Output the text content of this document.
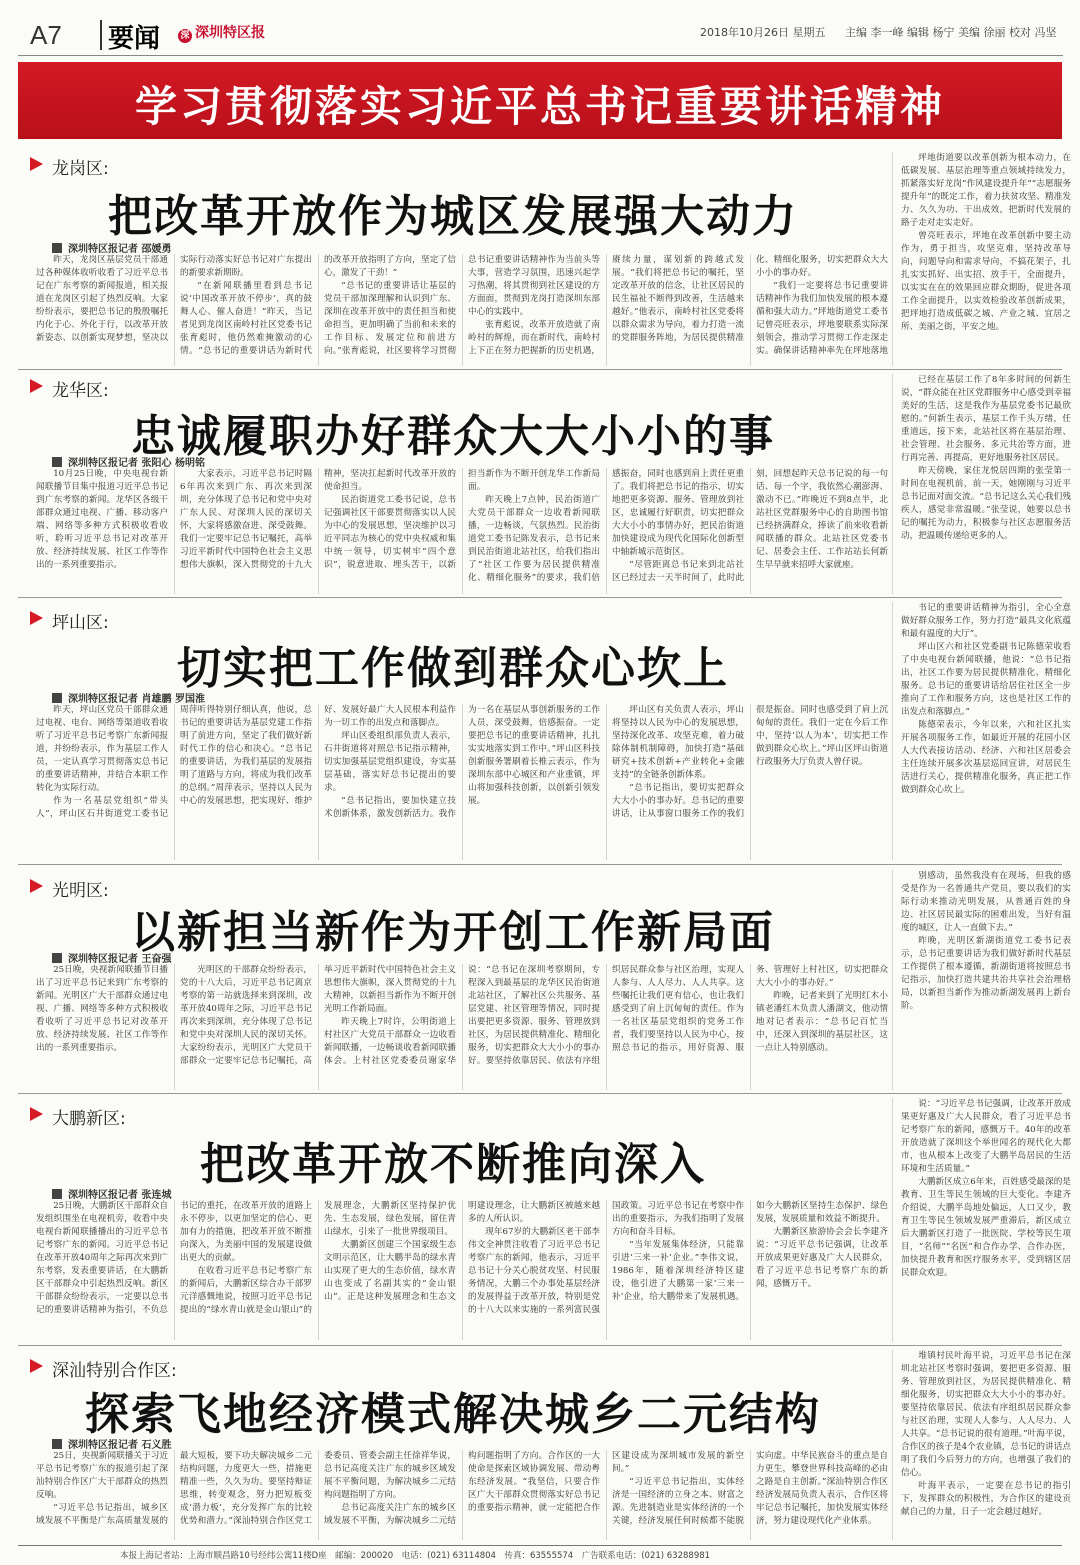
A7 要闻 深 深圳特区报	2018年10月26日 星期五 主编 李一峰 编辑 杨宁 美编 徐丽 校对 冯坚
学习贯彻落实习近平总书记重要讲话精神
龙岗区:
把改革开放作为城区发展强大动力
深圳特区报记者 邵媛勇

昨天，龙岗区基层党员干部通过各种媒体收听收看了习近平总书记在广东考察的新闻报道，相关报道在龙岗区引起了热烈反响。大家纷纷表示，要把总书记的殷殷嘱托内化于心、外化于行，以改革开放新姿态、以创新实现梦想，坚决以实际行动落实好总书记对广东提出的新要求新期盼。

“在新闻联播里看到总书记说‘中国改革开放不停步’，真的鼓舞人心、催人奋进！”昨天，当记者见到龙岗区南岭村社区党委书记张育彪时，他仍然难掩激动的心情。“总书记的重要讲话为新时代的改革开放指明了方向，坚定了信心，激发了干劲！”

“总书记的重要讲话让基层的党员干部加深理解和认识到广东、深圳在改革开放中的责任担当和使命担当，更加明确了当前和未来的工作目标、发展定位和前进方向。”张育彪说，社区要将学习贯彻总书记重要讲话精神作为当前头等大事，营造学习氛围，迅速兴起学习热潮，将其贯彻到社区建设的方方面面，贯彻到龙岗打造深圳东部中心的实践中。

张育彪说，改革开放造就了南岭村的辉煌，而在新时代，南岭村上下正在努力把握新的历史机遇，赓续力量，谋划新的跨越式发展。“我们将把总书记的嘱托，坚定改革开放的信念，让社区居民的民生福祉不断得到改善，生活越来越好。”他表示，南岭村社区党委将以群众需求为导向，着力打造一流的党群服务阵地，为居民提供精准化、精细化服务，切实把群众大大小小的事办好。

“我们一定要将总书记重要讲话精神作为我们加快发展的根本遵循和强大动力。”坪地街道党工委书记曾亮旺表示，坪地要联系实际深刻领会，推动学习贯彻工作走深走实。确保讲话精神率先在坪地落地

坪地街道要以改革创新为根本动力，在低碳发展、基层治理等重点领域持续发力，抓紧落实好龙岗“作风建设提升年”“志愿服务提升年”的既定工作，着力扶贫攻坚、精准发力、久久为功、干出成效，把新时代发展的路子走对走实走好。

曾亮旺表示，坪地在改革创新中要主动作为，勇于担当，攻坚克难，坚持改革导向，问题导向和需求导向，不搞花架子，扎扎实实抓好、出实招、放手干，全面提升，以实实在在的效果回应群众期盼，促进各项工作全面提升，以实效检验改革创新成果，把坪地打造成低碳之城、产业之城、宜居之所、美丽之街，平安之地。

龙华区:
忠诚履职办好群众大大小小的事
深圳特区报记者 张阳心 杨明铭

10月25日晚，中央电视台新闻联播节目集中报道习近平总书记到广东考察的新闻。龙华区各级干部群众通过电视、广播、移动客户端、网络等多种方式积极收看收听，聆听习近平总书记对改革开放、经济持续发展、社区工作等作出的一系列重要指示。

大家表示，习近平总书记时隔6年再次来到广东、再次来到深圳，充分体现了总书记和党中央对广东人民、对深圳人民的深切关怀，大家将感激奋进、深受鼓舞。我们一定要牢记总书记嘱托，高举习近平新时代中国特色社会主义思想伟大旗帜，深入贯彻党的十九大精神，坚决扛起新时代改革开放的使命担当。

民治街道党工委书记说，总书记强调社区干部要贯彻落实以人民为中心的发展思想，坚决维护以习近平同志为核心的党中央权威和集中统一领导，切实树牢“四个意识”，锐意进取、埋头苦干，以新担当新作为不断开创龙华工作新局面。

昨天晚上7点钟，民治街道广大党员干部群众一边收看新闻联播，一边畅谈，气氛热烈。民治街道党工委书记陈发表示，总书记来到民治街道北站社区，给我们指出了“社区工作要为居民提供精准化、精细化服务”的要求，我们倍感振奋，同时也感到肩上责任更重了。我们将把总书记的指示，切实地把更多资源、服务、管理放到社区，忠诚履行好职责，切实把群众大大小小的事情办好，把民治街道加快建设成为现代化国际化创新型中轴新城示范街区。

“尽管距离总书记来到北站社区已经过去一天半时间了，此时此刻，回想起昨天总书记说的每一句话、每一个字，我依然心潮澎湃、激动不已。”昨晚近不到8点半，北站社区党群服务中心的自助图书馆已经挤满群众，捧读了前来收看新闻联播的群众。北站社区党委书记、居委会主任、工作站站长何新生早早就来招呼大家就座。

已经在基层工作了8年多时间的何新生说，“群众能在社区党群服务中心感受到幸福美好的生活，这是我作为基层党委书记最欣慰的。”何新生表示，基层工作千头万绪，任重道远，接下来，北站社区将在基层治理、社会管理、社会服务、多元共治等方面，进行再完善、再提高，更好地服务社区居民。

昨天傍晚，家住龙悦居四期的张莹第一时间在电视机前，前一天，她刚刚与习近平总书记面对面交流。“总书记这么关心我们残疾人，感觉非常温暖。”张莹说，她要以总书记的嘱托为动力，积极参与社区志愿服务活动，把温暖传递给更多的人。

坪山区:
切实把工作做到群众心坎上
深圳特区报记者 肖雄鹏 罗国淮

昨天，坪山区党员干部群众通过电视、电台、网络等渠道收看收听了习近平总书记考察广东新闻报道，并纷纷表示，作为基层工作人员，一定认真学习贯彻落实总书记的重要讲话精神，并结合本职工作转化为实际行动。

作为一名基层党组织“带头人”，坪山区石井街道党工委书记周萍听得特别仔细认真，他说，总书记的重要讲话为基层党建工作指明了前进方向，坚定了我们做好新时代工作的信心和决心。“总书记的重要讲话，为我们基层的发展指明了道路与方向，将成为我们改革的总纲。”周萍表示，坚持以人民为中心的发展思想，把实现好、维护好、发展好最广大人民根本利益作为一切工作的出发点和落脚点。

坪山区委组织部负责人表示，石井街道将对照总书记指示精神，切实加强基层党组织建设，夯实基层基础，落实好总书记提出的要求。

“总书记指出，要加快建立技术创新体系，激发创新活力。我作为一名在基层从事创新服务的工作人员，深受鼓舞，倍感振奋。一定要把总书记的重要讲话精神，扎扎实实地落实到工作中。”坪山区科技创新服务署刷着长椎云表示，作为深圳东部中心城区和产业重镇，坪山将加强科技创新，以创新引领发展。

坪山区有关负责人表示，坪山将坚持以人民为中心的发展思想，坚持深化改革、攻坚克难，着力破除体制机制障碍，加快打造“基础研究+技术创新+产业转化+金融支持”的全链条创新体系。

“总书记指出，要切实把群众大大小小的事办好。总书记的重要讲话，让从事窗口服务工作的我们很是振奋。同时也感受到了肩上沉甸甸的责任。我们一定在今后工作中，坚持‘以人为本’，切实把工作做到群众心坎上。”坪山区坪山街道行政服务大厅负责人曾仔说。

书记的重要讲话精神为指引，全心全意做好群众服务工作，努力打造“最具文化底蕴和最有温度的大厅”。

坪山区六和社区党委副书记陈德荣收看了中央电视台新闻联播，他说：“总书记指出，社区工作要为居民提供精准化、精细化服务。总书记的重要讲话给居住社区全一步推向了工作和服务方向，这也是社区工作的出发点和落脚点。”

陈德荣表示，今年以来，六和社区扎实开展各项服务工作，如最近开展的花园小区人大代表接访活动、经济、六和社区居委会主任连续开展多次基层巡回宣讲，对居民生活进行关心，提供精准化服务，真正把工作做到群众心坎上。

光明区:
以新担当新作为开创工作新局面
深圳特区报记者 王奋强

25日晚，央视新闻联播节目播出了习近平总书记来到广东考察的新闻。光明区广大干部群众通过电视、广播、网络等多种方式积极收看收听了习近平总书记对改革开放、经济持续发展、社区工作等作出的一系列重要指示。

光明区的干部群众纷纷表示，党的十八大后，习近平总书记离京考察的第一站就选择来到深圳，改革开放40周年之际，习近平总书记再次来到深圳，充分体现了总书记和党中央对深圳人民的深切关怀。大家纷纷表示，光明区广大党员干部群众一定要牢记总书记嘱托，高举习近平新时代中国特色社会主义思想伟大旗帜，深入贯彻党的十九大精神，以新担当新作为不断开创光明工作新局面。

昨天晚上7时许，公明街道上村社区广大党员干部群众一边收看新闻联播，一边畅谈收看新闻联播体会。上村社区党委委员谢家华说：“总书记在深圳考察期间，专程深入到最基层的龙华区民治街道北站社区，了解社区公共服务、基层党建、社区管理等情况，同时提出要把更多资源、服务、管理放到社区，为居民提供精准化、精细化服务，切实把群众大大小小的事办好。要坚持依靠居民、依法有序组织居民群众参与社区治理，实现人人参与、人人尽力、人人共享。这些嘱托让我们更有信心，也让我们感受到了肩上沉甸甸的责任。作为一名社区基层党组织的党务工作者，我们要坚持以人民为中心，按照总书记的指示，用好资源、服务、管理好上村社区，切实把群众大大小小的事办好。”

昨晚，记者来到了光明红木小镇老潘红木负责人潘湖文，他动情地对记者表示：“总书记百忙当中，还深入到深圳的基层社区，这一点让人特别感动。

别感动，虽然我没有在现场，但我的感受是作为一名普通共产党员，要以我们的实际行动来推动光明发展，从普通百姓的身边、社区居民最实际的困难出发，当好有温度的城区，让人一直做下去。”

昨晚，光明区新湖街道党工委书记表示，总书记重要讲话为我们做好新时代基层工作提供了根本遵循，新湖街道将按照总书记指示，加快打造共建共治共享社会治理格局，以新担当新作为推动新湖发展再上新台阶。

大鹏新区:
把改革开放不断推向深入
深圳特区报记者 张连城

25日晚，大鹏新区干部群众自发组织围坐在电视机旁，收看中央电视台新闻联播播出的习近平总书记考察广东的新闻。习近平总书记在改革开放40周年之际再次来到广东考察，发表重要讲话，在大鹏新区干部群众中引起热烈反响。新区干部群众纷纷表示，一定要以总书记的重要讲话精神为指引，不负总书记的重托，在改革开放的道路上永不停步，以更加坚定的信心、更加有力的措施，把改革开放不断推向深入，为美丽中国的发展建设做出更大的贡献。

在收看习近平总书记考察广东的新闻后，大鹏新区综合办干部罗元洋感慨地说，按照习近平总书记提出的“绿水青山就是金山银山”的发展理念，大鹏新区坚持保护优先、生态发展，绿色发展，留住青山绿水，引来了一批世界级项目。

大鹏新区创建三个国家级生态文明示范区，让大鹏半岛的绿水青山实现了更大的生态价值，绿水青山也变成了名副其实的“金山银山”。正是这种发展理念和生态文明建设理念，让大鹏新区被越来越多的人所认识。

现年67岁的大鹏新区老干部李伟文全神贯注收看了习近平总书记考察广东的新闻，他表示，习近平总书记十分关心脱贫攻坚、村民服务情况，大鹏三个办事处基层经济的发展得益于改革开放，特别是党的十八大以来实施的一系列富民强国政策。习近平总书记在考察中作出的重要指示，为我们指明了发展方向和奋斗目标。

“当年发展集体经济，只能靠引进‘三来一补’企业。”李伟文说，1986年，随着深圳经济特区建设，他引进了大鹏第一家‘三来一补’企业，给大鹏带来了发展机遇。如今大鹏新区坚持生态保护、绿色发展，发展质量和效益不断提升。

大鹏新区旅游协会会长李建齐说：“习近平总书记强调，让改革开放成果更好惠及广大人民群众，看了习近平总书记考察广东的新闻，感慨万千。

说：“习近平总书记强调，让改革开放成果更好惠及广大人民群众，看了习近平总书记考察广东的新闻，感慨万千。40年的改革开放造就了深圳这个举世闻名的现代化大都市，也从根本上改变了大鹏半岛居民的生活环境和生活质量。”

大鹏新区成立6年来，百姓感受最深的是教育、卫生等民生领域的巨大变化。李建齐介绍说，大鹏半岛地处偏远，人口又少，教育卫生等民生领域发展严重滞后，新区成立后大鹏新区打造了一批医院、学校等民生项目，“名师”“名医”和合作办学、合作办医，加快提升教育和医疗服务水平，受到辖区居民群众欢迎。

深汕特别合作区:
探索飞地经济模式解决城乡二元结构
深圳特区报记者 石义胜

25日，央视新闻联播关于习近平总书记考察广东的报道引起了深汕特别合作区广大干部群众的热烈反响。

“习近平总书记指出，城乡区域发展不平衡是广东高质量发展的最大短板，要下功夫解决城乡二元结构问题，力度更大一些，措施更精准一些，久久为功。要坚持辩证思维，转变观念，努力把短板变成‘潜力板’，充分发挥广东的比较优势和潜力。”深汕特别合作区党工委委员、管委会副主任徐祥华说，总书记高度关注广东的城乡区域发展不平衡问题，为解决城乡二元结构问题指明了方向。

总书记高度关注广东的城乡区域发展不平衡，为解决城乡二元结构问题指明了方向。合作区的一大使命是探索区域协调发展、带动粤东经济发展。“我坚信，只要合作区广大干部群众贯彻落实好总书记的重要指示精神，就一定能把合作区建设成为深圳城市发展的新空间。”

“习近平总书记指出，实体经济是一国经济的立身之本、财富之源。先进制造业是实体经济的一个关键，经济发展任何时候都不能脱实向虚。中华民族奋斗的重点是自力更生，攀登世界科技高峰的必由之路是自主创新。”深汕特别合作区经济发展局负责人表示，合作区将牢记总书记嘱托，加快发展实体经济，努力建设现代化产业体系。

堆镇村民叶海平说，习近平总书记在深圳北站社区考察时强调，要把更多资源、服务、管理放到社区，为居民提供精准化、精细化服务，切实把群众大大小小的事办好。要坚持依靠居民、依法有序组织居民群众参与社区治理，实现人人参与、人人尽力、人人共享。“总书记说的很有道理。”叶海平说，合作区的孩子是4个农业镇，总书记的讲话点明了我们今后努力的方向，也增强了我们的信心。

叶海平表示，一定要在总书记的指引下，发挥群众的积极性，为合作区的建设贡献自己的力量，日子一定会越过越好。

本报上海记者站：上海市顺昌路10号经纬公寓11楼D座　邮编：200020　电话：(021) 63114804　传真：63555574　广告联系电话：(021) 63288981
